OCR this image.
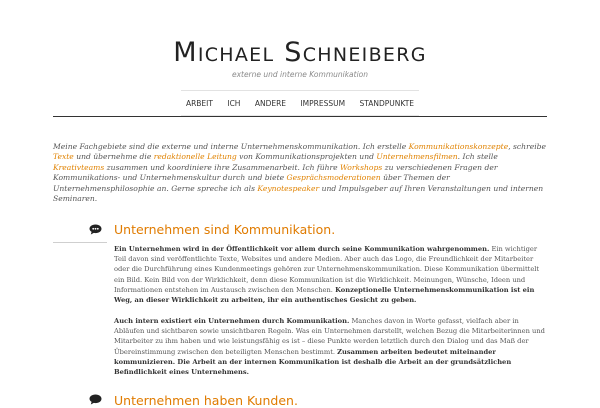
Michael Schneiberg
externe und interne Kommunikation
ARBEIT ICH ANDERE IMPRESSUM STANDPUNKTE

Meine Fachgebiete sind die externe und interne Unternehmenskommunikation. Ich erstelle Kommunikationskonzepte, schreibe Texte und übernehme die redaktionelle Leitung von Kommunikationsprojekten und Unternehmensfilmen. Ich stelle Kreativteams zusammen und koordiniere ihre Zusammenarbeit. Ich führe Workshops zu verschiedenen Fragen der Kommunikations- und Unternehmenskultur durch und biete Gesprächsmoderationen über Themen der Unternehmensphilosophie an. Gerne spreche ich als Keynotespeaker und Impulsgeber auf Ihren Veranstaltungen und internen Seminaren.

Unternehmen sind Kommunikation.

Ein Unternehmen wird in der Öffentlichkeit vor allem durch seine Kommunikation wahrgenommen. Ein wichtiger Teil davon sind veröffentlichte Texte, Websites und andere Medien. Aber auch das Logo, die Freundlichkeit der Mitarbeiter oder die Durchführung eines Kundenmeetings gehören zur Unternehmenskommunikation. Diese Kommunikation übermittelt ein Bild. Kein Bild von der Wirklichkeit, denn diese Kommunikation ist die Wirklichkeit. Meinungen, Wünsche, Ideen und Informationen entstehen im Austausch zwischen den Menschen. Konzeptionelle Unternehmenskommunikation ist ein Weg, an dieser Wirklichkeit zu arbeiten, ihr ein authentisches Gesicht zu geben.

Auch intern existiert ein Unternehmen durch Kommunikation. Manches davon in Worte gefasst, vielfach aber in Abläufen und sichtbaren sowie unsichtbaren Regeln. Was ein Unternehmen darstellt, welchen Bezug die Mitarbeiterinnen und Mitarbeiter zu ihm haben und wie leistungsfähig es ist – diese Punkte werden letztlich durch den Dialog und das Maß der Übereinstimmung zwischen den beteiligten Menschen bestimmt. Zusammen arbeiten bedeutet miteinander kommunizieren. Die Arbeit an der internen Kommunikation ist deshalb die Arbeit an der grundsätzlichen Befindlichkeit eines Unternehmens.

Unternehmen haben Kunden.
